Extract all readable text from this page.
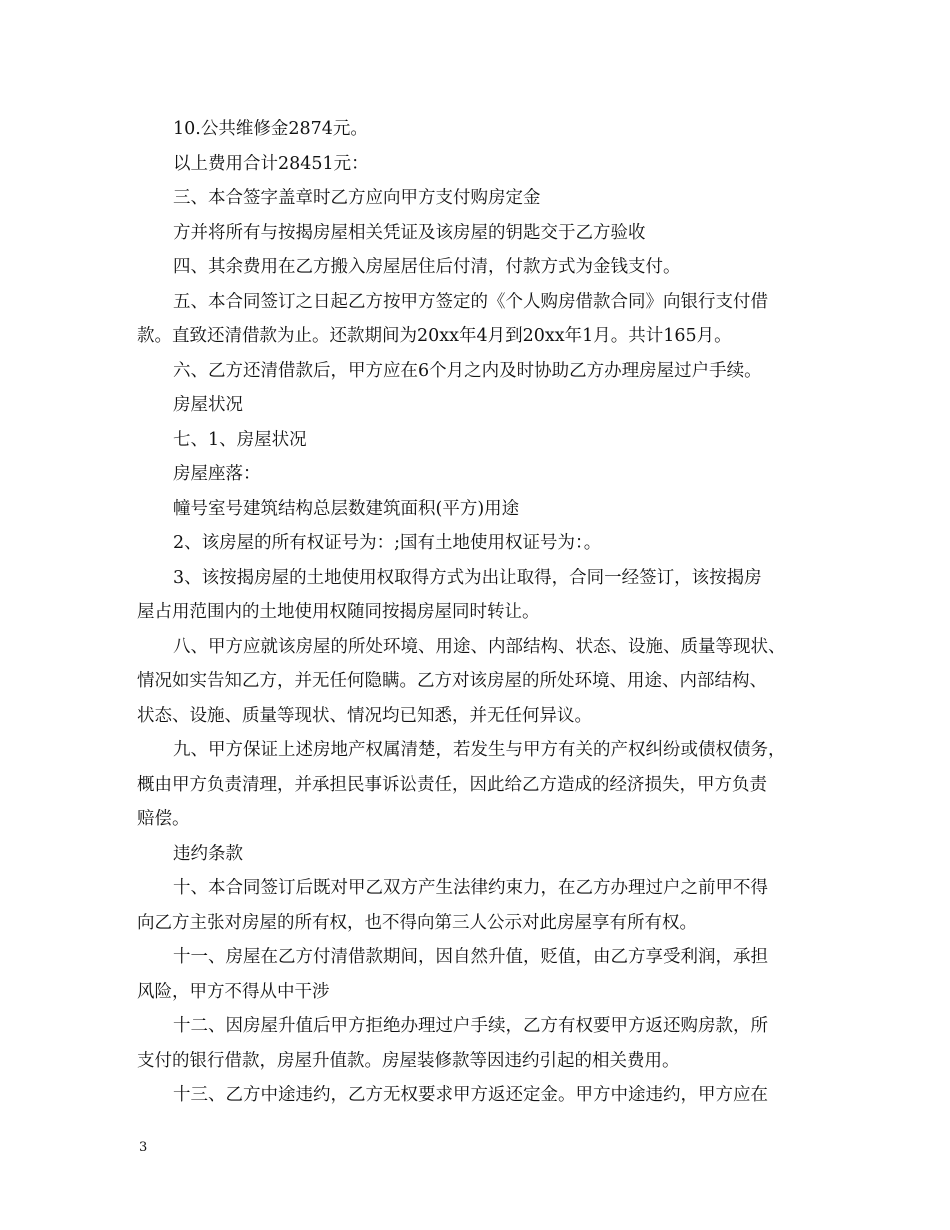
10.公共维修金2874元。
以上费用合计28451元：
三、本合签字盖章时乙方应向甲方支付购房定金
方并将所有与按揭房屋相关凭证及该房屋的钥匙交于乙方验收
四、其余费用在乙方搬入房屋居住后付清，付款方式为金钱支付。
五、本合同签订之日起乙方按甲方签定的《个人购房借款合同》向银行支付借
款。直致还清借款为止。还款期间为20xx年4月到20xx年1月。共计165月。
六、乙方还清借款后，甲方应在6个月之内及时协助乙方办理房屋过户手续。
房屋状况
七、1、房屋状况
房屋座落：
幢号室号建筑结构总层数建筑面积(平方)用途
2、该房屋的所有权证号为：;国有土地使用权证号为：。
3、该按揭房屋的土地使用权取得方式为出让取得，合同一经签订，该按揭房
屋占用范围内的土地使用权随同按揭房屋同时转让。
八、甲方应就该房屋的所处环境、用途、内部结构、状态、设施、质量等现状、
情况如实告知乙方，并无任何隐瞒。乙方对该房屋的所处环境、用途、内部结构、
状态、设施、质量等现状、情况均已知悉，并无任何异议。
九、甲方保证上述房地产权属清楚，若发生与甲方有关的产权纠纷或债权债务，
概由甲方负责清理，并承担民事诉讼责任，因此给乙方造成的经济损失，甲方负责
赔偿。
违约条款
十、本合同签订后既对甲乙双方产生法律约束力，在乙方办理过户之前甲不得
向乙方主张对房屋的所有权，也不得向第三人公示对此房屋享有所有权。
十一、房屋在乙方付清借款期间，因自然升值，贬值，由乙方享受利润，承担
风险，甲方不得从中干涉
十二、因房屋升值后甲方拒绝办理过户手续，乙方有权要甲方返还购房款，所
支付的银行借款，房屋升值款。房屋装修款等因违约引起的相关费用。
十三、乙方中途违约，乙方无权要求甲方返还定金。甲方中途违约，甲方应在
3
